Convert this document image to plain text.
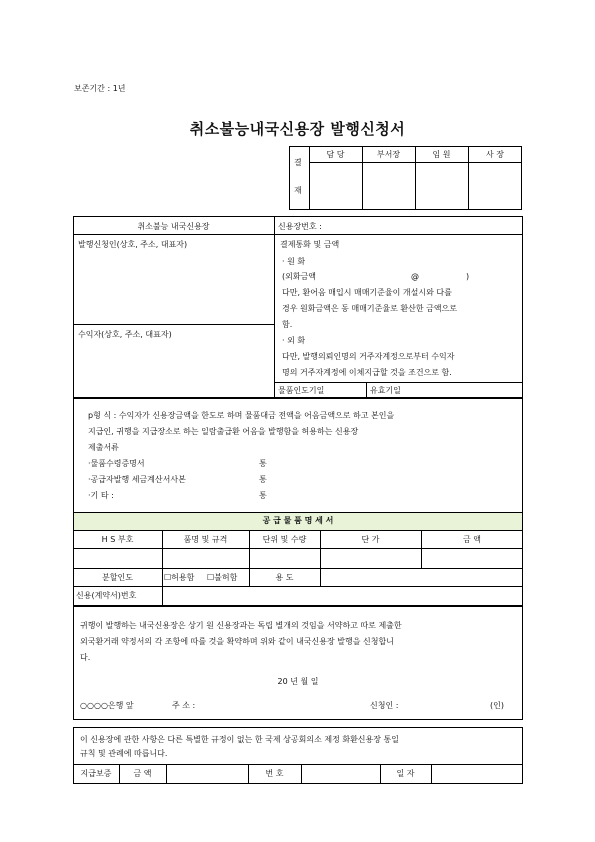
보존기간 : 1년
취소불능내국신용장 발행신청서
결
재
담 당	부서장	임 원	사 장
취소불능 내국신용장	신용장번호 :
발행신청인(상호, 주소, 대표자)
수익자(상호, 주소, 대표자)
결제통화 및 금액
· 원 화
(외화금액	@	)
다만, 환어음 매입시 매매기준율이 개설시와 다를
경우 원화금액은 동 매매기준율로 환산한 금액으로
함.
· 외 화
다만, 발행의뢰인명의 거주자계정으로부터 수익자
명의 거주자계정에 이체지급할 것을 조건으로 함.
물품인도기일	유효기일
p형 식 : 수익자가 신용장금액을 한도로 하며 물품대금 전액을 어음금액으로 하고 본인을
지급인, 귀행을 지급장소로 하는 일람출급환 어음을 발행함을 허용하는 신용장
제출서류
·물품수령증명서	통
·공급자발행 세금계산서사본	통
·기 타 :	통
공 급 물 품 명 세 서
H S 부호	품명 및 규격	단위 및 수량	단 가	금 액
분할인도	☐허용함 ☐불허함	용 도
신용(계약서)번호
귀행이 발행하는 내국신용장은 상기 원 신용장과는 독립 별개의 것임을 서약하고 따로 제출한
외국환거래 약정서의 각 조항에 따를 것을 확약하며 위와 같이 내국신용장 발행을 신청합니
다.
20 년 월 일
○○○○은행 앞	주 소 :	신청인 :	(인)
이 신용장에 관한 사항은 다른 특별한 규정이 없는 한 국제 상공회의소 제정 화환신용장 통일
규칙 및 관례에 따릅니다.
지급보증	금 액	번 호	일 자
